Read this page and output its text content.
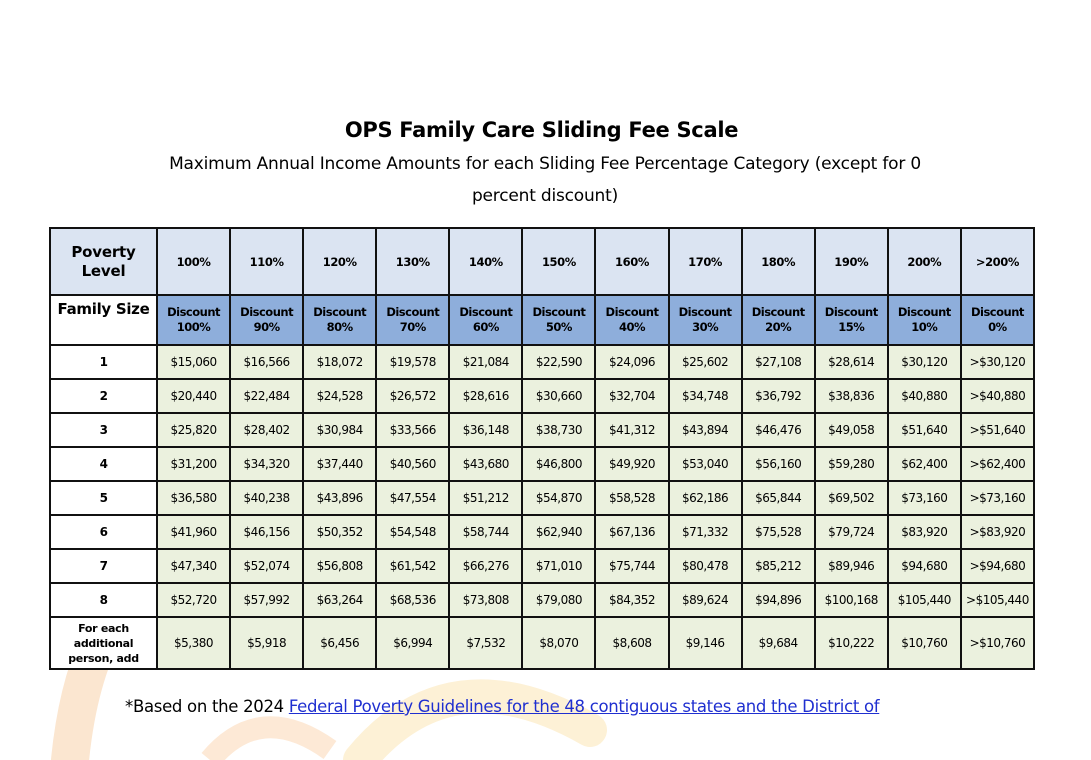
OPS Family Care Sliding Fee Scale
Maximum Annual Income Amounts for each Sliding Fee Percentage Category (except for 0 percent discount)
Poverty Level	100%	110%	120%	130%	140%	150%	160%	170%	180%	190%	200%	>200%
Family Size	Discount 100%	Discount 90%	Discount 80%	Discount 70%	Discount 60%	Discount 50%	Discount 40%	Discount 30%	Discount 20%	Discount 15%	Discount 10%	Discount 0%
1	$15,060	$16,566	$18,072	$19,578	$21,084	$22,590	$24,096	$25,602	$27,108	$28,614	$30,120	>$30,120
2	$20,440	$22,484	$24,528	$26,572	$28,616	$30,660	$32,704	$34,748	$36,792	$38,836	$40,880	>$40,880
3	$25,820	$28,402	$30,984	$33,566	$36,148	$38,730	$41,312	$43,894	$46,476	$49,058	$51,640	>$51,640
4	$31,200	$34,320	$37,440	$40,560	$43,680	$46,800	$49,920	$53,040	$56,160	$59,280	$62,400	>$62,400
5	$36,580	$40,238	$43,896	$47,554	$51,212	$54,870	$58,528	$62,186	$65,844	$69,502	$73,160	>$73,160
6	$41,960	$46,156	$50,352	$54,548	$58,744	$62,940	$67,136	$71,332	$75,528	$79,724	$83,920	>$83,920
7	$47,340	$52,074	$56,808	$61,542	$66,276	$71,010	$75,744	$80,478	$85,212	$89,946	$94,680	>$94,680
8	$52,720	$57,992	$63,264	$68,536	$73,808	$79,080	$84,352	$89,624	$94,896	$100,168	$105,440	>$105,440
For each additional person, add	$5,380	$5,918	$6,456	$6,994	$7,532	$8,070	$8,608	$9,146	$9,684	$10,222	$10,760	>$10,760
*Based on the 2024 Federal Poverty Guidelines for the 48 contiguous states and the District of
